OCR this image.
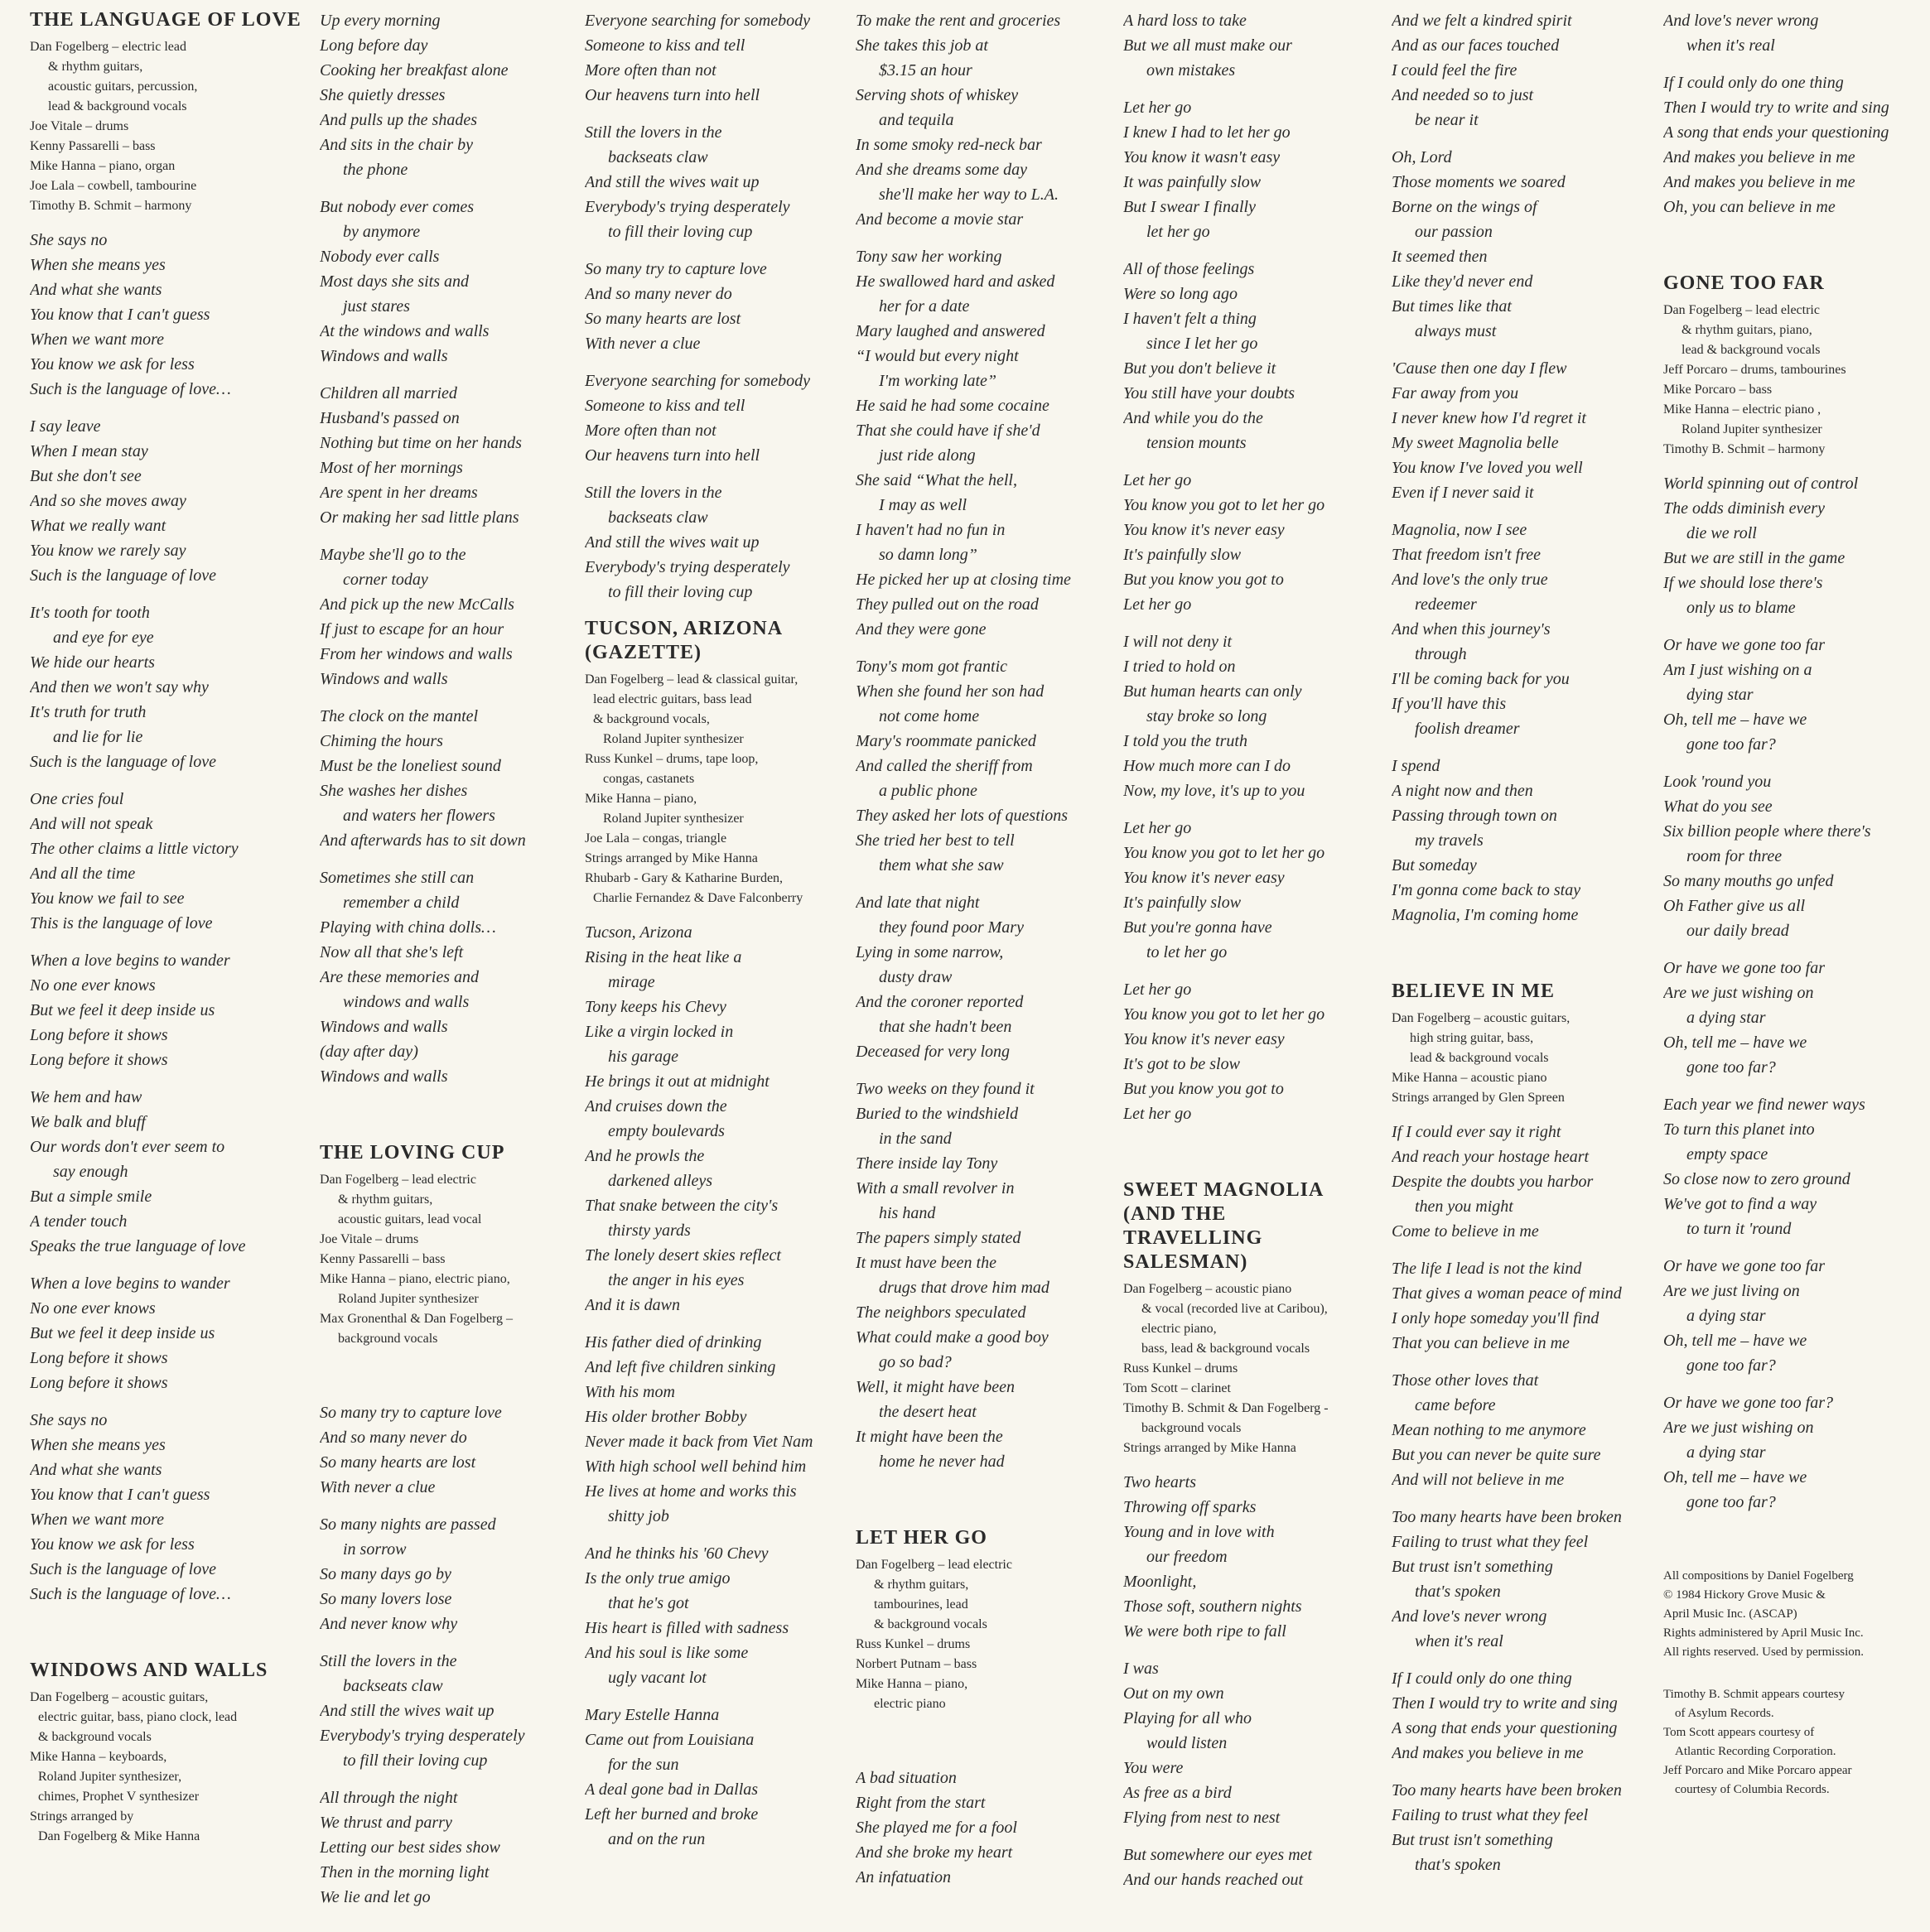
THE LANGUAGE OF LOVE
Dan Fogelberg – electric lead
& rhythm guitars,
acoustic guitars, percussion,
lead & background vocals
Joe Vitale – drums
Kenny Passarelli – bass
Mike Hanna – piano, organ
Joe Lala – cowbell, tambourine
Timothy B. Schmit – harmony
She says no
When she means yes
And what she wants
You know that I can't guess
When we want more
You know we ask for less
Such is the language of love…
I say leave
When I mean stay
But she don't see
And so she moves away
What we really want
You know we rarely say
Such is the language of love
It's tooth for tooth
and eye for eye
We hide our hearts
And then we won't say why
It's truth for truth
and lie for lie
Such is the language of love
One cries foul
And will not speak
The other claims a little victory
And all the time
You know we fail to see
This is the language of love
When a love begins to wander
No one ever knows
But we feel it deep inside us
Long before it shows
Long before it shows
We hem and haw
We balk and bluff
Our words don't ever seem to
say enough
But a simple smile
A tender touch
Speaks the true language of love
When a love begins to wander
No one ever knows
But we feel it deep inside us
Long before it shows
Long before it shows
She says no
When she means yes
And what she wants
You know that I can't guess
When we want more
You know we ask for less
Such is the language of love
Such is the language of love…
WINDOWS AND WALLS
Dan Fogelberg – acoustic guitars,
electric guitar, bass, piano clock, lead
& background vocals
Mike Hanna – keyboards,
Roland Jupiter synthesizer,
chimes, Prophet V synthesizer
Strings arranged by
Dan Fogelberg & Mike Hanna
Up every morning
Long before day
Cooking her breakfast alone
She quietly dresses
And pulls up the shades
And sits in the chair by
the phone
But nobody ever comes
by anymore
Nobody ever calls
Most days she sits and
just stares
At the windows and walls
Windows and walls
Children all married
Husband's passed on
Nothing but time on her hands
Most of her mornings
Are spent in her dreams
Or making her sad little plans
Maybe she'll go to the
corner today
And pick up the new McCalls
If just to escape for an hour
From her windows and walls
Windows and walls
The clock on the mantel
Chiming the hours
Must be the loneliest sound
She washes her dishes
and waters her flowers
And afterwards has to sit down
Sometimes she still can
remember a child
Playing with china dolls…
Now all that she's left
Are these memories and
windows and walls
Windows and walls
(day after day)
Windows and walls
THE LOVING CUP
Dan Fogelberg – lead electric
& rhythm guitars,
acoustic guitars, lead vocal
Joe Vitale – drums
Kenny Passarelli – bass
Mike Hanna – piano, electric piano,
Roland Jupiter synthesizer
Max Gronenthal & Dan Fogelberg –
background vocals
So many try to capture love
And so many never do
So many hearts are lost
With never a clue
So many nights are passed
in sorrow
So many days go by
So many lovers lose
And never know why
Still the lovers in the
backseats claw
And still the wives wait up
Everybody's trying desperately
to fill their loving cup
All through the night
We thrust and parry
Letting our best sides show
Then in the morning light
We lie and let go
Everyone searching for somebody
Someone to kiss and tell
More often than not
Our heavens turn into hell
Still the lovers in the
backseats claw
And still the wives wait up
Everybody's trying desperately
to fill their loving cup
So many try to capture love
And so many never do
So many hearts are lost
With never a clue
Everyone searching for somebody
Someone to kiss and tell
More often than not
Our heavens turn into hell
Still the lovers in the
backseats claw
And still the wives wait up
Everybody's trying desperately
to fill their loving cup
TUCSON, ARIZONA
(GAZETTE)
Dan Fogelberg – lead & classical guitar,
lead electric guitars, bass lead
& background vocals,
Roland Jupiter synthesizer
Russ Kunkel – drums, tape loop,
congas, castanets
Mike Hanna – piano,
Roland Jupiter synthesizer
Joe Lala – congas, triangle
Strings arranged by Mike Hanna
Rhubarb - Gary & Katharine Burden,
Charlie Fernandez & Dave Falconberry
Tucson, Arizona
Rising in the heat like a
mirage
Tony keeps his Chevy
Like a virgin locked in
his garage
He brings it out at midnight
And cruises down the
empty boulevards
And he prowls the
darkened alleys
That snake between the city's
thirsty yards
The lonely desert skies reflect
the anger in his eyes
And it is dawn
His father died of drinking
And left five children sinking
With his mom
His older brother Bobby
Never made it back from Viet Nam
With high school well behind him
He lives at home and works this
shitty job
And he thinks his '60 Chevy
Is the only true amigo
that he's got
His heart is filled with sadness
And his soul is like some
ugly vacant lot
Mary Estelle Hanna
Came out from Louisiana
for the sun
A deal gone bad in Dallas
Left her burned and broke
and on the run
To make the rent and groceries
She takes this job at
$3.15 an hour
Serving shots of whiskey
and tequila
In some smoky red-neck bar
And she dreams some day
she'll make her way to L.A.
And become a movie star
Tony saw her working
He swallowed hard and asked
her for a date
Mary laughed and answered
“I would but every night
I'm working late”
He said he had some cocaine
That she could have if she'd
just ride along
She said “What the hell,
I may as well
I haven't had no fun in
so damn long”
He picked her up at closing time
They pulled out on the road
And they were gone
Tony's mom got frantic
When she found her son had
not come home
Mary's roommate panicked
And called the sheriff from
a public phone
They asked her lots of questions
She tried her best to tell
them what she saw
And late that night
they found poor Mary
Lying in some narrow,
dusty draw
And the coroner reported
that she hadn't been
Deceased for very long
Two weeks on they found it
Buried to the windshield
in the sand
There inside lay Tony
With a small revolver in
his hand
The papers simply stated
It must have been the
drugs that drove him mad
The neighbors speculated
What could make a good boy
go so bad?
Well, it might have been
the desert heat
It might have been the
home he never had
LET HER GO
Dan Fogelberg – lead electric
& rhythm guitars,
tambourines, lead
& background vocals
Russ Kunkel – drums
Norbert Putnam – bass
Mike Hanna – piano,
electric piano
A bad situation
Right from the start
She played me for a fool
And she broke my heart
An infatuation
A hard loss to take
But we all must make our
own mistakes
Let her go
I knew I had to let her go
You know it wasn't easy
It was painfully slow
But I swear I finally
let her go
All of those feelings
Were so long ago
I haven't felt a thing
since I let her go
But you don't believe it
You still have your doubts
And while you do the
tension mounts
Let her go
You know you got to let her go
You know it's never easy
It's painfully slow
But you know you got to
Let her go
I will not deny it
I tried to hold on
But human hearts can only
stay broke so long
I told you the truth
How much more can I do
Now, my love, it's up to you
Let her go
You know you got to let her go
You know it's never easy
It's painfully slow
But you're gonna have
to let her go
Let her go
You know you got to let her go
You know it's never easy
It's got to be slow
But you know you got to
Let her go
SWEET MAGNOLIA
(AND THE
TRAVELLING
SALESMAN)
Dan Fogelberg – acoustic piano
& vocal (recorded live at Caribou),
electric piano,
bass, lead & background vocals
Russ Kunkel – drums
Tom Scott – clarinet
Timothy B. Schmit & Dan Fogelberg -
background vocals
Strings arranged by Mike Hanna
Two hearts
Throwing off sparks
Young and in love with
our freedom
Moonlight,
Those soft, southern nights
We were both ripe to fall
I was
Out on my own
Playing for all who
would listen
You were
As free as a bird
Flying from nest to nest
But somewhere our eyes met
And our hands reached out
And we felt a kindred spirit
And as our faces touched
I could feel the fire
And needed so to just
be near it
Oh, Lord
Those moments we soared
Borne on the wings of
our passion
It seemed then
Like they'd never end
But times like that
always must
'Cause then one day I flew
Far away from you
I never knew how I'd regret it
My sweet Magnolia belle
You know I've loved you well
Even if I never said it
Magnolia, now I see
That freedom isn't free
And love's the only true
redeemer
And when this journey's
through
I'll be coming back for you
If you'll have this
foolish dreamer
I spend
A night now and then
Passing through town on
my travels
But someday
I'm gonna come back to stay
Magnolia, I'm coming home
BELIEVE IN ME
Dan Fogelberg – acoustic guitars,
high string guitar, bass,
lead & background vocals
Mike Hanna – acoustic piano
Strings arranged by Glen Spreen
If I could ever say it right
And reach your hostage heart
Despite the doubts you harbor
then you might
Come to believe in me
The life I lead is not the kind
That gives a woman peace of mind
I only hope someday you'll find
That you can believe in me
Those other loves that
came before
Mean nothing to me anymore
But you can never be quite sure
And will not believe in me
Too many hearts have been broken
Failing to trust what they feel
But trust isn't something
that's spoken
And love's never wrong
when it's real
If I could only do one thing
Then I would try to write and sing
A song that ends your questioning
And makes you believe in me
Too many hearts have been broken
Failing to trust what they feel
But trust isn't something
that's spoken
And love's never wrong
when it's real
If I could only do one thing
Then I would try to write and sing
A song that ends your questioning
And makes you believe in me
And makes you believe in me
Oh, you can believe in me
GONE TOO FAR
Dan Fogelberg – lead electric
& rhythm guitars, piano,
lead & background vocals
Jeff Porcaro – drums, tambourines
Mike Porcaro – bass
Mike Hanna – electric piano ,
Roland Jupiter synthesizer
Timothy B. Schmit – harmony
World spinning out of control
The odds diminish every
die we roll
But we are still in the game
If we should lose there's
only us to blame
Or have we gone too far
Am I just wishing on a
dying star
Oh, tell me – have we
gone too far?
Look 'round you
What do you see
Six billion people where there's
room for three
So many mouths go unfed
Oh Father give us all
our daily bread
Or have we gone too far
Are we just wishing on
a dying star
Oh, tell me – have we
gone too far?
Each year we find newer ways
To turn this planet into
empty space
So close now to zero ground
We've got to find a way
to turn it 'round
Or have we gone too far
Are we just living on
a dying star
Oh, tell me – have we
gone too far?
Or have we gone too far?
Are we just wishing on
a dying star
Oh, tell me – have we
gone too far?
All compositions by Daniel Fogelberg
© 1984 Hickory Grove Music &
April Music Inc. (ASCAP)
Rights administered by April Music Inc.
All rights reserved. Used by permission.
Timothy B. Schmit appears courtesy
of Asylum Records.
Tom Scott appears courtesy of
Atlantic Recording Corporation.
Jeff Porcaro and Mike Porcaro appear
courtesy of Columbia Records.
